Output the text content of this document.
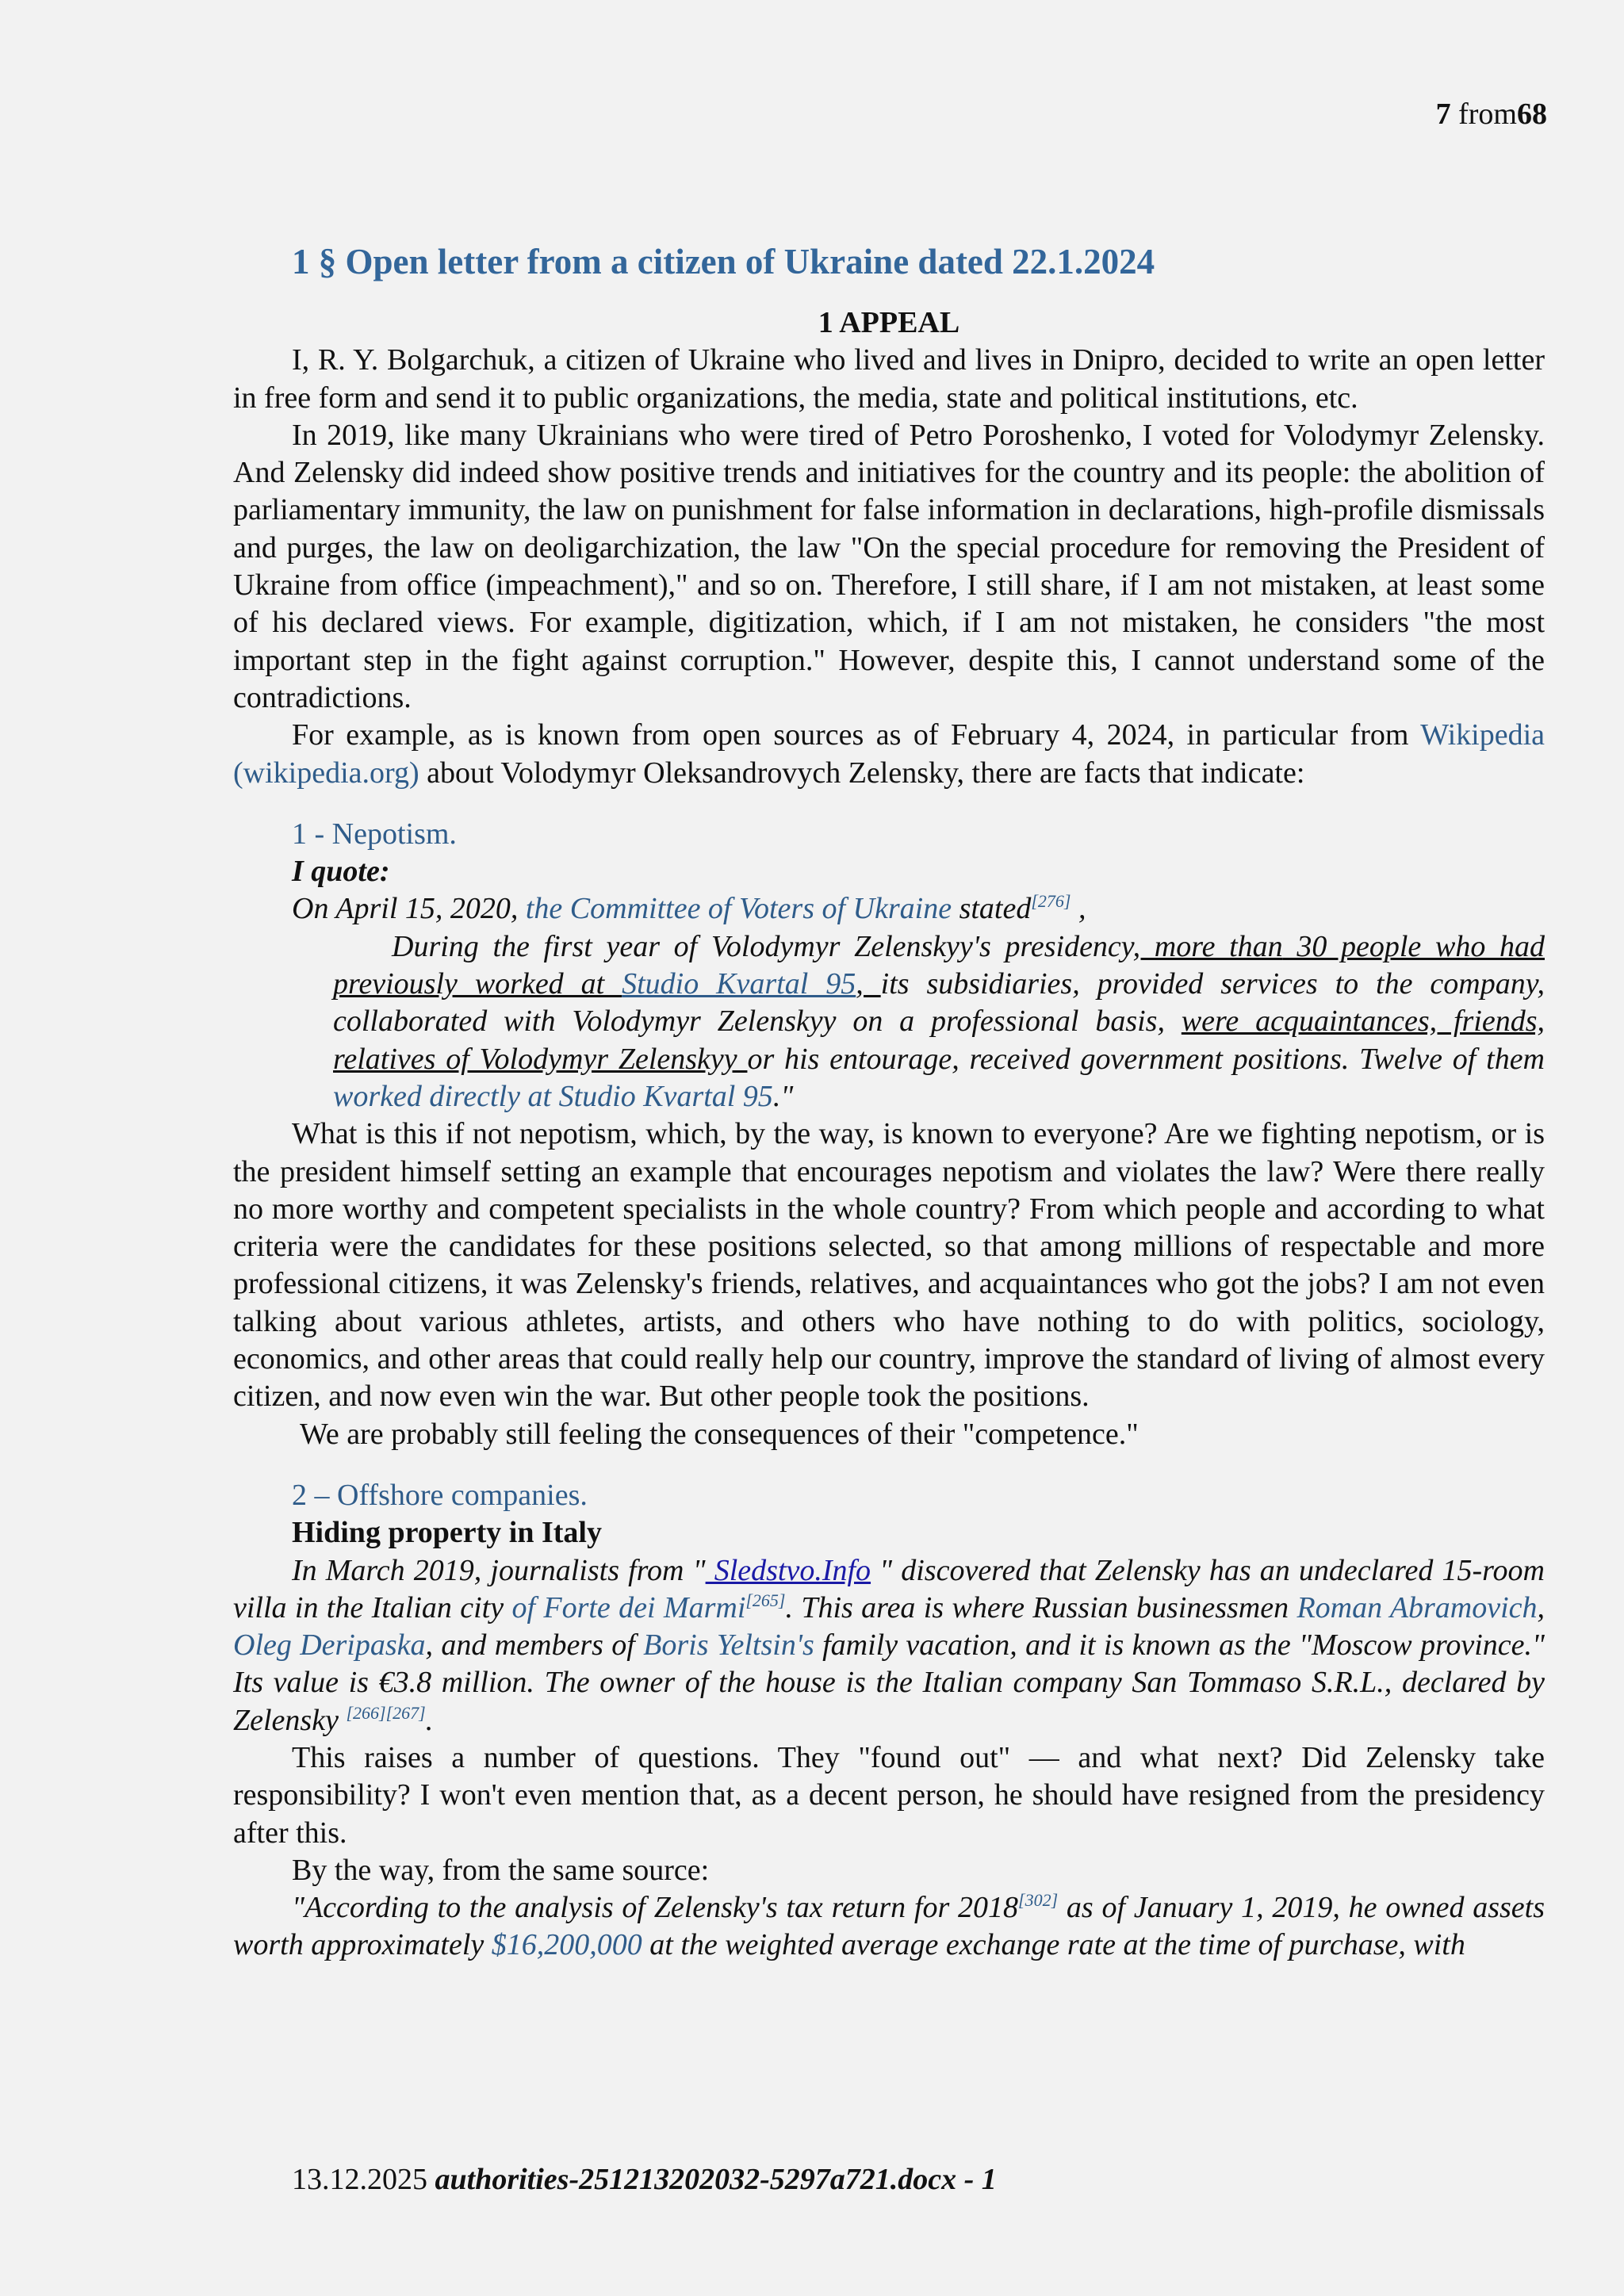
7 from68
1 § Open letter from a citizen of Ukraine dated 22.1.2024

1 APPEAL

I, R. Y. Bolgarchuk, a citizen of Ukraine who lived and lives in Dnipro, decided to write an open letter in free form and send it to public organizations, the media, state and political institutions, etc.

In 2019, like many Ukrainians who were tired of Petro Poroshenko, I voted for Volodymyr Zelensky. And Zelensky did indeed show positive trends and initiatives for the country and its people: the abolition of parliamentary immunity, the law on punishment for false information in declarations, high-profile dismissals and purges, the law on deoligarchization, the law "On the special procedure for removing the President of Ukraine from office (impeachment)," and so on. Therefore, I still share, if I am not mistaken, at least some of his declared views. For example, digitization, which, if I am not mistaken, he considers "the most important step in the fight against corruption." However, despite this, I cannot understand some of the contradictions.

For example, as is known from open sources as of February 4, 2024, in particular from Wikipedia (wikipedia.org) about Volodymyr Oleksandrovych Zelensky, there are facts that indicate:

1 - Nepotism.
I quote:
On April 15, 2020, the Committee of Voters of Ukraine stated[276] ,

During the first year of Volodymyr Zelenskyy's presidency, more than 30 people who had previously worked at Studio Kvartal 95, its subsidiaries, provided services to the company, collaborated with Volodymyr Zelenskyy on a professional basis, were acquaintances, friends, relatives of Volodymyr Zelenskyy or his entourage, received government positions. Twelve of them worked directly at Studio Kvartal 95."

What is this if not nepotism, which, by the way, is known to everyone? Are we fighting nepotism, or is the president himself setting an example that encourages nepotism and violates the law? Were there really no more worthy and competent specialists in the whole country? From which people and according to what criteria were the candidates for these positions selected, so that among millions of respectable and more professional citizens, it was Zelensky's friends, relatives, and acquaintances who got the jobs? I am not even talking about various athletes, artists, and others who have nothing to do with politics, sociology, economics, and other areas that could really help our country, improve the standard of living of almost every citizen, and now even win the war. But other people took the positions.

We are probably still feeling the consequences of their "competence."

2 – Offshore companies.
Hiding property in Italy

In March 2019, journalists from " Sledstvo.Info " discovered that Zelensky has an undeclared 15-room villa in the Italian city of Forte dei Marmi[265]. This area is where Russian businessmen Roman Abramovich, Oleg Deripaska, and members of Boris Yeltsin's family vacation, and it is known as the "Moscow province." Its value is €3.8 million. The owner of the house is the Italian company San Tommaso S.R.L., declared by Zelensky [266][267].

This raises a number of questions. They "found out" — and what next? Did Zelensky take responsibility? I won't even mention that, as a decent person, he should have resigned from the presidency after this.

By the way, from the same source:

"According to the analysis of Zelensky's tax return for 2018[302] as of January 1, 2019, he owned assets worth approximately $16,200,000 at the weighted average exchange rate at the time of purchase, with

13.12.2025 authorities-251213202032-5297a721.docx - 1
